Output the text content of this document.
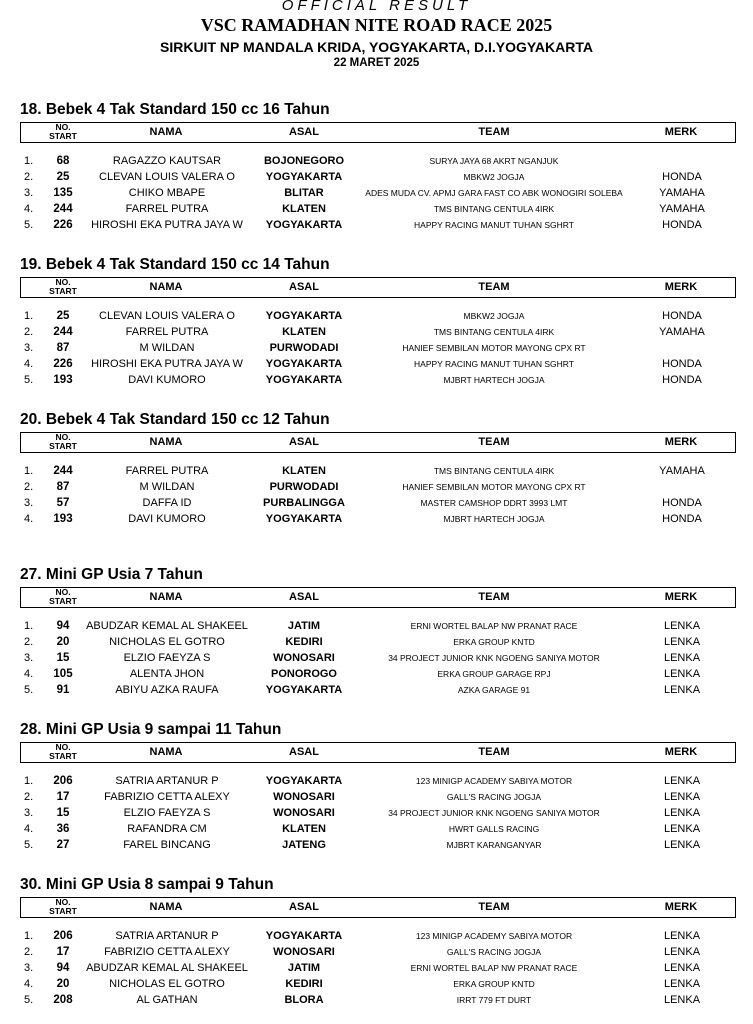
OFFICIAL RESULT
VSC RAMADHAN NITE ROAD RACE 2025
SIRKUIT NP MANDALA KRIDA, YOGYAKARTA, D.I.YOGYAKARTA
22 MARET 2025
18. Bebek 4 Tak Standard 150 cc 16 Tahun
NO.
START	NAMA	ASAL	TEAM	MERK
1.	68	RAGAZZO KAUTSAR	BOJONEGORO	SURYA JAYA 68 AKRT NGANJUK
2.	25	CLEVAN LOUIS VALERA O	YOGYAKARTA	MBKW2 JOGJA	HONDA
3.	135	CHIKO MBAPE	BLITAR	ADES MUDA CV. APMJ GARA FAST CO ABK WONOGIRI SOLEBA	YAMAHA
4.	244	FARREL PUTRA	KLATEN	TMS BINTANG CENTULA 4IRK	YAMAHA
5.	226	HIROSHI EKA PUTRA JAYA W	YOGYAKARTA	HAPPY RACING MANUT TUHAN SGHRT	HONDA
19. Bebek 4 Tak Standard 150 cc 14 Tahun
NO.
START	NAMA	ASAL	TEAM	MERK
1.	25	CLEVAN LOUIS VALERA O	YOGYAKARTA	MBKW2 JOGJA	HONDA
2.	244	FARREL PUTRA	KLATEN	TMS BINTANG CENTULA 4IRK	YAMAHA
3.	87	M WILDAN	PURWODADI	HANIEF SEMBILAN MOTOR MAYONG CPX RT
4.	226	HIROSHI EKA PUTRA JAYA W	YOGYAKARTA	HAPPY RACING MANUT TUHAN SGHRT	HONDA
5.	193	DAVI KUMORO	YOGYAKARTA	MJBRT HARTECH JOGJA	HONDA
20. Bebek 4 Tak Standard 150 cc 12 Tahun
NO.
START	NAMA	ASAL	TEAM	MERK
1.	244	FARREL PUTRA	KLATEN	TMS BINTANG CENTULA 4IRK	YAMAHA
2.	87	M WILDAN	PURWODADI	HANIEF SEMBILAN MOTOR MAYONG CPX RT
3.	57	DAFFA ID	PURBALINGGA	MASTER CAMSHOP DDRT 3993 LMT	HONDA
4.	193	DAVI KUMORO	YOGYAKARTA	MJBRT HARTECH JOGJA	HONDA
27. Mini GP Usia 7 Tahun
NO.
START	NAMA	ASAL	TEAM	MERK
1.	94	ABUDZAR KEMAL AL SHAKEEL	JATIM	ERNI WORTEL BALAP NW PRANAT RACE	LENKA
2.	20	NICHOLAS EL GOTRO	KEDIRI	ERKA GROUP KNTD	LENKA
3.	15	ELZIO FAEYZA S	WONOSARI	34 PROJECT JUNIOR KNK NGOENG SANIYA MOTOR	LENKA
4.	105	ALENTA JHON	PONOROGO	ERKA GROUP GARAGE RPJ	LENKA
5.	91	ABIYU AZKA RAUFA	YOGYAKARTA	AZKA GARAGE 91	LENKA
28. Mini GP Usia 9 sampai 11 Tahun
NO.
START	NAMA	ASAL	TEAM	MERK
1.	206	SATRIA ARTANUR P	YOGYAKARTA	123 MINIGP ACADEMY SABIYA MOTOR	LENKA
2.	17	FABRIZIO CETTA ALEXY	WONOSARI	GALL'S RACING JOGJA	LENKA
3.	15	ELZIO FAEYZA S	WONOSARI	34 PROJECT JUNIOR KNK NGOENG SANIYA MOTOR	LENKA
4.	36	RAFANDRA CM	KLATEN	HWRT GALLS RACING	LENKA
5.	27	FAREL BINCANG	JATENG	MJBRT KARANGANYAR	LENKA
30. Mini GP Usia 8 sampai 9 Tahun
NO.
START	NAMA	ASAL	TEAM	MERK
1.	206	SATRIA ARTANUR P	YOGYAKARTA	123 MINIGP ACADEMY SABIYA MOTOR	LENKA
2.	17	FABRIZIO CETTA ALEXY	WONOSARI	GALL'S RACING JOGJA	LENKA
3.	94	ABUDZAR KEMAL AL SHAKEEL	JATIM	ERNI WORTEL BALAP NW PRANAT RACE	LENKA
4.	20	NICHOLAS EL GOTRO	KEDIRI	ERKA GROUP KNTD	LENKA
5.	208	AL GATHAN	BLORA	IRRT 779 FT DURT	LENKA
